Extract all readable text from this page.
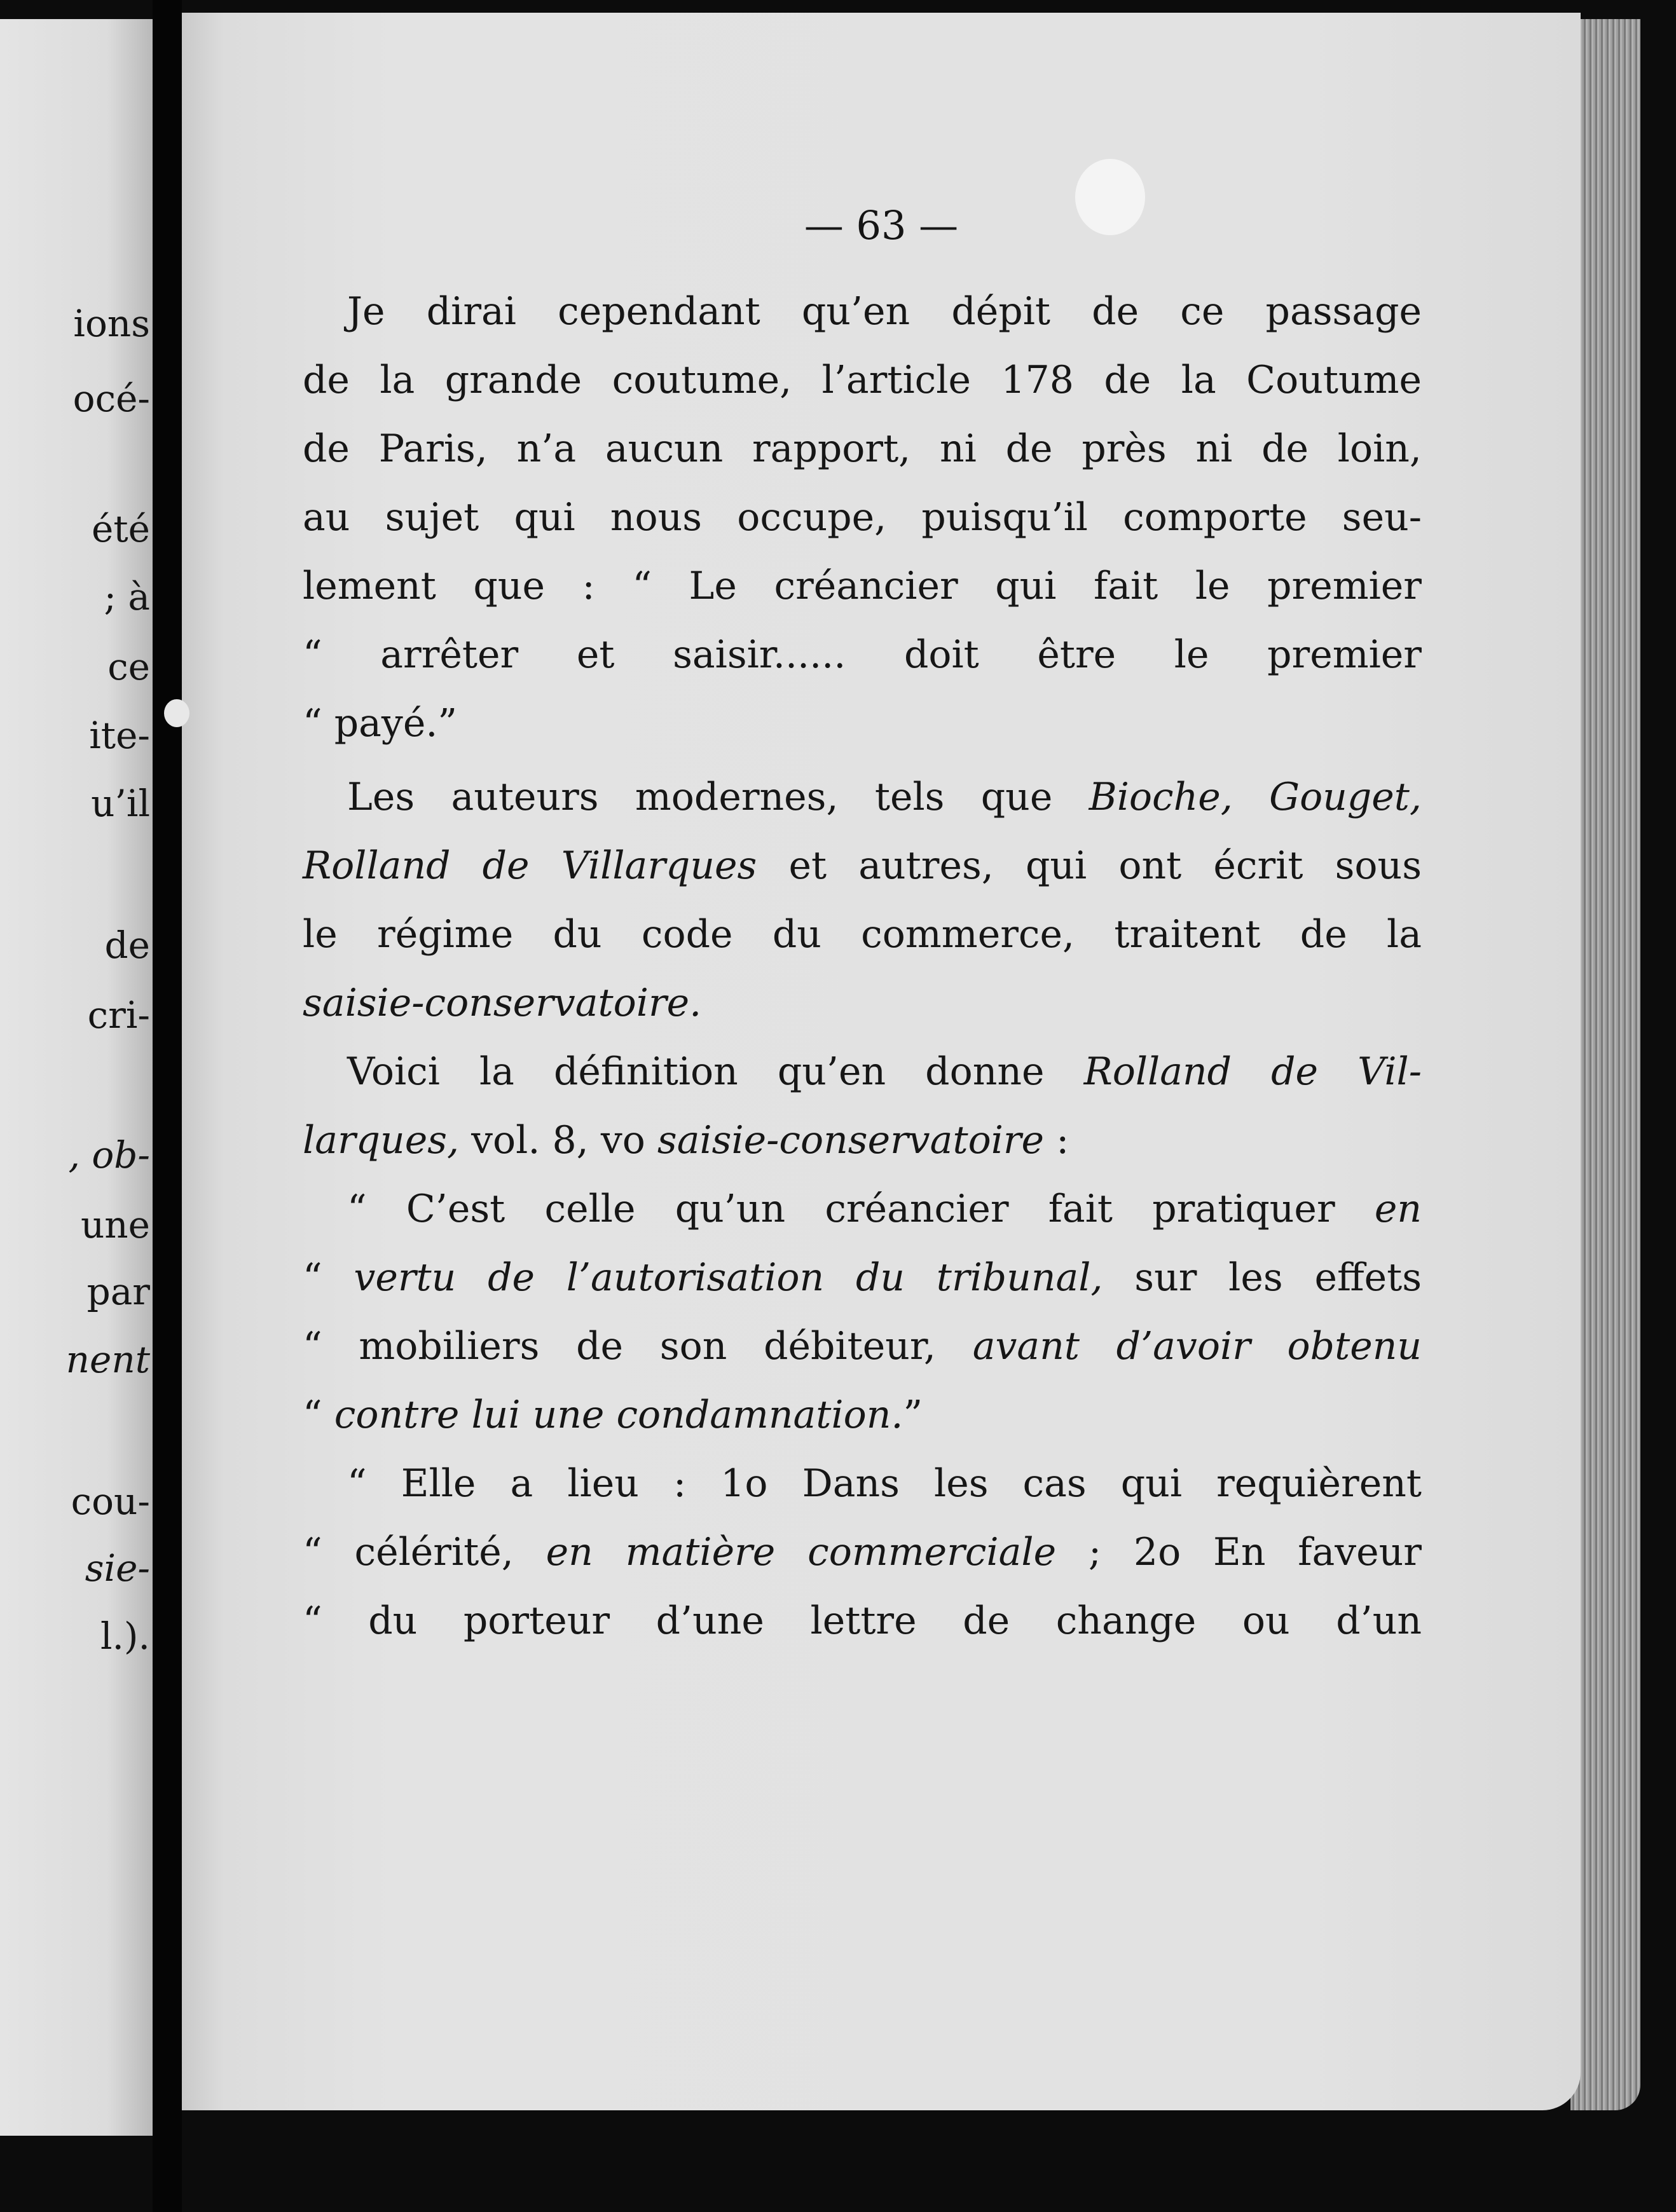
ions
océ-
été
; à
ce
ite-
u’il
de
cri-
, ob-
une
par
nent
cou-
sie-
l.).
— 63 —
Je dirai cependant qu’en dépit de ce passage
de la grande coutume, l’article 178 de la Coutume
de Paris, n’a aucun rapport, ni de près ni de loin,
au sujet qui nous occupe, puisqu’il comporte seu-
lement que : “ Le créancier qui fait le premier
“ arrêter et saisir...... doit être le premier
“ payé.”
Les auteurs modernes, tels que Bioche, Gouget,
Rolland de Villarques et autres, qui ont écrit sous
le régime du code du commerce, traitent de la
saisie-conservatoire.
Voici la définition qu’en donne Rolland de Vil-
larques, vol. 8, vo saisie-conservatoire :
“ C’est celle qu’un créancier fait pratiquer en
“ vertu de l’autorisation du tribunal, sur les effets
“ mobiliers de son débiteur, avant d’avoir obtenu
“ contre lui une condamnation.”
“ Elle a lieu : 1o Dans les cas qui requièrent
“ célérité, en matière commerciale ; 2o En faveur
“ du porteur d’une lettre de change ou d’un
